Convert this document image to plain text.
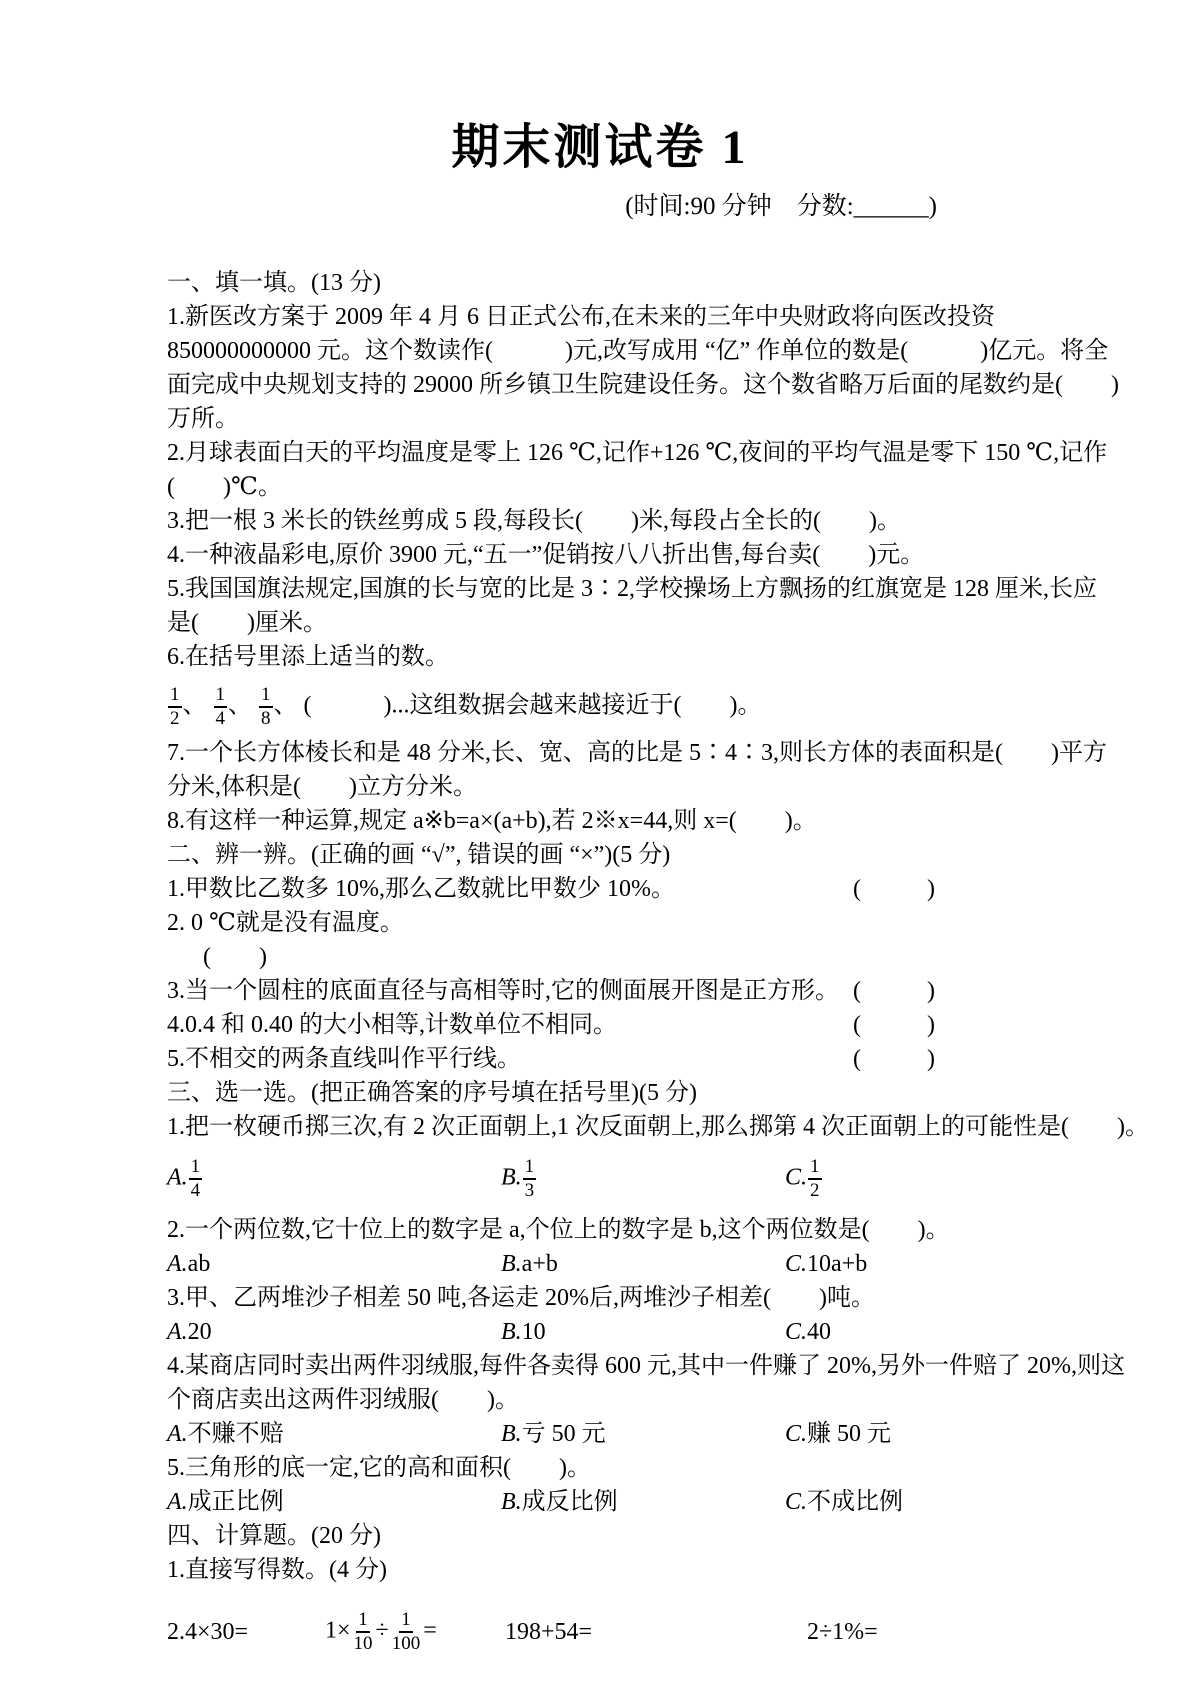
期末测试卷 1
(时间:90 分钟　分数:______)
一、填一填。(13 分)
1.新医改方案于 2009 年 4 月 6 日正式公布,在未来的三年中央财政将向医改投资
850000000000 元。这个数读作(　　　)元,改写成用 “亿” 作单位的数是(　　　)亿元。将全
面完成中央规划支持的 29000 所乡镇卫生院建设任务。这个数省略万后面的尾数约是(　　)
万所。
2.月球表面白天的平均温度是零上 126 ℃,记作+126 ℃,夜间的平均气温是零下 150 ℃,记作
(　　)℃。
3.把一根 3 米长的铁丝剪成 5 段,每段长(　　)米,每段占全长的(　　)。
4.一种液晶彩电,原价 3900 元,“五一”促销按八八折出售,每台卖(　　)元。
5.我国国旗法规定,国旗的长与宽的比是 3∶2,学校操场上方飘扬的红旗宽是 128 厘米,长应
是(　　)厘米。
6.在括号里添上适当的数。
$\frac{1}{2}$ 、 $\frac{1}{4}$ 、 $\frac{1}{8}$ 、 (　　　)...这组数据会越来越接近于(　　)。
7.一个长方体棱长和是 48 分米,长、宽、高的比是 5∶4∶3,则长方体的表面积是(　　)平方
分米,体积是(　　)立方分米。
8.有这样一种运算,规定 a※b=a×(a+b),若 2※x=44,则 x=(　　)。
二、辨一辨。(正确的画 “√”, 错误的画 “×”)(5 分)
1.甲数比乙数多 10%,那么乙数就比甲数少 10%。	(　　)
2. 0 ℃就是没有温度。
(　　)
3.当一个圆柱的底面直径与高相等时,它的侧面展开图是正方形。 (　　)
4.0.4 和 0.40 的大小相等,计数单位不相同。	(　　)
5.不相交的两条直线叫作平行线。	(　　)
三、选一选。(把正确答案的序号填在括号里)(5 分)
1.把一枚硬币掷三次,有 2 次正面朝上,1 次反面朝上,那么掷第 4 次正面朝上的可能性是(　　)。
A. $\frac{1}{4}$	B. $\frac{1}{3}$	C. $\frac{1}{2}$
2.一个两位数,它十位上的数字是 a,个位上的数字是 b,这个两位数是(　　)。
A.ab	B.a+b	C.10a+b
3.甲、乙两堆沙子相差 50 吨,各运走 20%后,两堆沙子相差(　　)吨。
A.20	B.10	C.40
4.某商店同时卖出两件羽绒服,每件各卖得 600 元,其中一件赚了 20%,另外一件赔了 20%,则这
个商店卖出这两件羽绒服(　　)。
A.不赚不赔	B.亏 50 元	C.赚 50 元
5.三角形的底一定,它的高和面积(　　)。
A.成正比例	B.成反比例	C.不成比例
四、计算题。(20 分)
1.直接写得数。(4 分)
2.4×30=	$1\times \frac{1}{10} \div \frac{1}{100}$ =	198+54=	2÷1%=
